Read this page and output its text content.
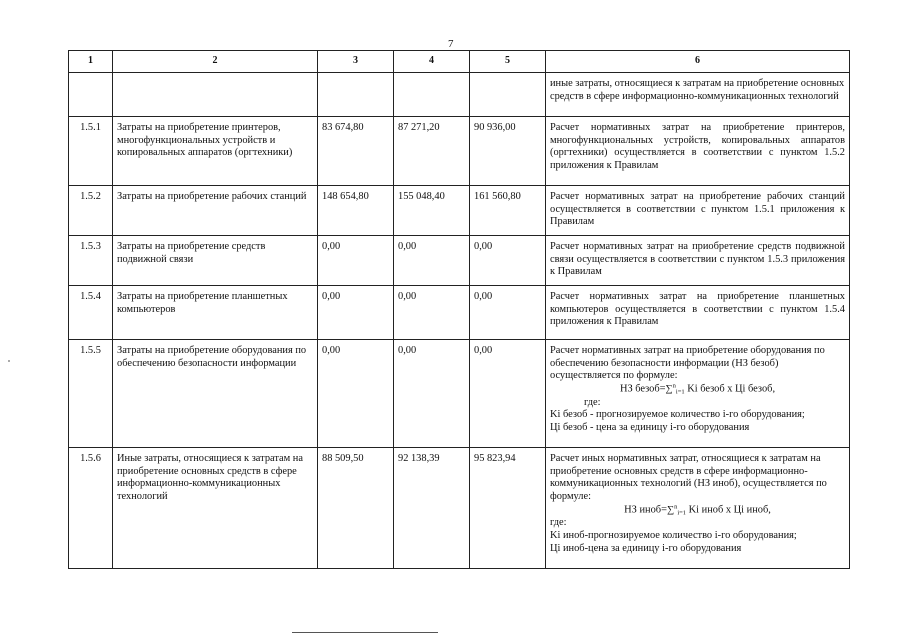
7
1	2	3	4	5	6
					иные затраты, относящиеся к затратам на приобретение основных средств в сфере информационно-коммуникационных технологий
1.5.1	Затраты на приобретение принтеров, многофункциональных устройств и копировальных аппаратов (оргтехники)	83 674,80	87 271,20	90 936,00	Расчет нормативных затрат на приобретение принтеров, многофункциональных устройств, копировальных аппаратов (оргтехники) осуществляется в соответствии с пунктом 1.5.2 приложения к Правилам
1.5.2	Затраты на приобретение рабочих станций	148 654,80	155 048,40	161 560,80	Расчет нормативных затрат на приобретение рабочих станций осуществляется в соответствии с пунктом 1.5.1 приложения к Правилам
1.5.3	Затраты на приобретение средств подвижной связи	0,00	0,00	0,00	Расчет нормативных затрат на приобретение средств подвижной связи осуществляется в соответствии с пунктом 1.5.3 приложения к Правилам
1.5.4	Затраты на приобретение планшетных компьютеров	0,00	0,00	0,00	Расчет нормативных затрат на приобретение планшетных компьютеров осуществляется в соответствии с пунктом 1.5.4 приложения к Правилам
1.5.5	Затраты на приобретение оборудования по обеспечению безопасности информации	0,00	0,00	0,00	Расчет нормативных затрат на приобретение оборудования по обеспечению безопасности информации (НЗ безоб) осуществляется по формуле:
НЗ безоб=∑$^n_{i=1}$ Ki безоб x Цi безоб,
где:
Ki безоб - прогнозируемое количество i-го оборудования;
Цi безоб - цена за единицу i-го оборудования

1.5.6	Иные затраты, относящиеся к затратам на приобретение основных средств в сфере информационно-коммуникационных технологий	88 509,50	92 138,39	95 823,94	Расчет иных нормативных затрат, относящиеся к затратам на приобретение основных средств в сфере информационно-коммуникационных технологий (НЗ иноб), осуществляется по формуле:
НЗ иноб=∑$^n_{i=1}$ Ki иноб x Цi иноб,
где:
Ki иноб-прогнозируемое количество i-го оборудования;
Цi иноб-цена за единицу i-го оборудования
